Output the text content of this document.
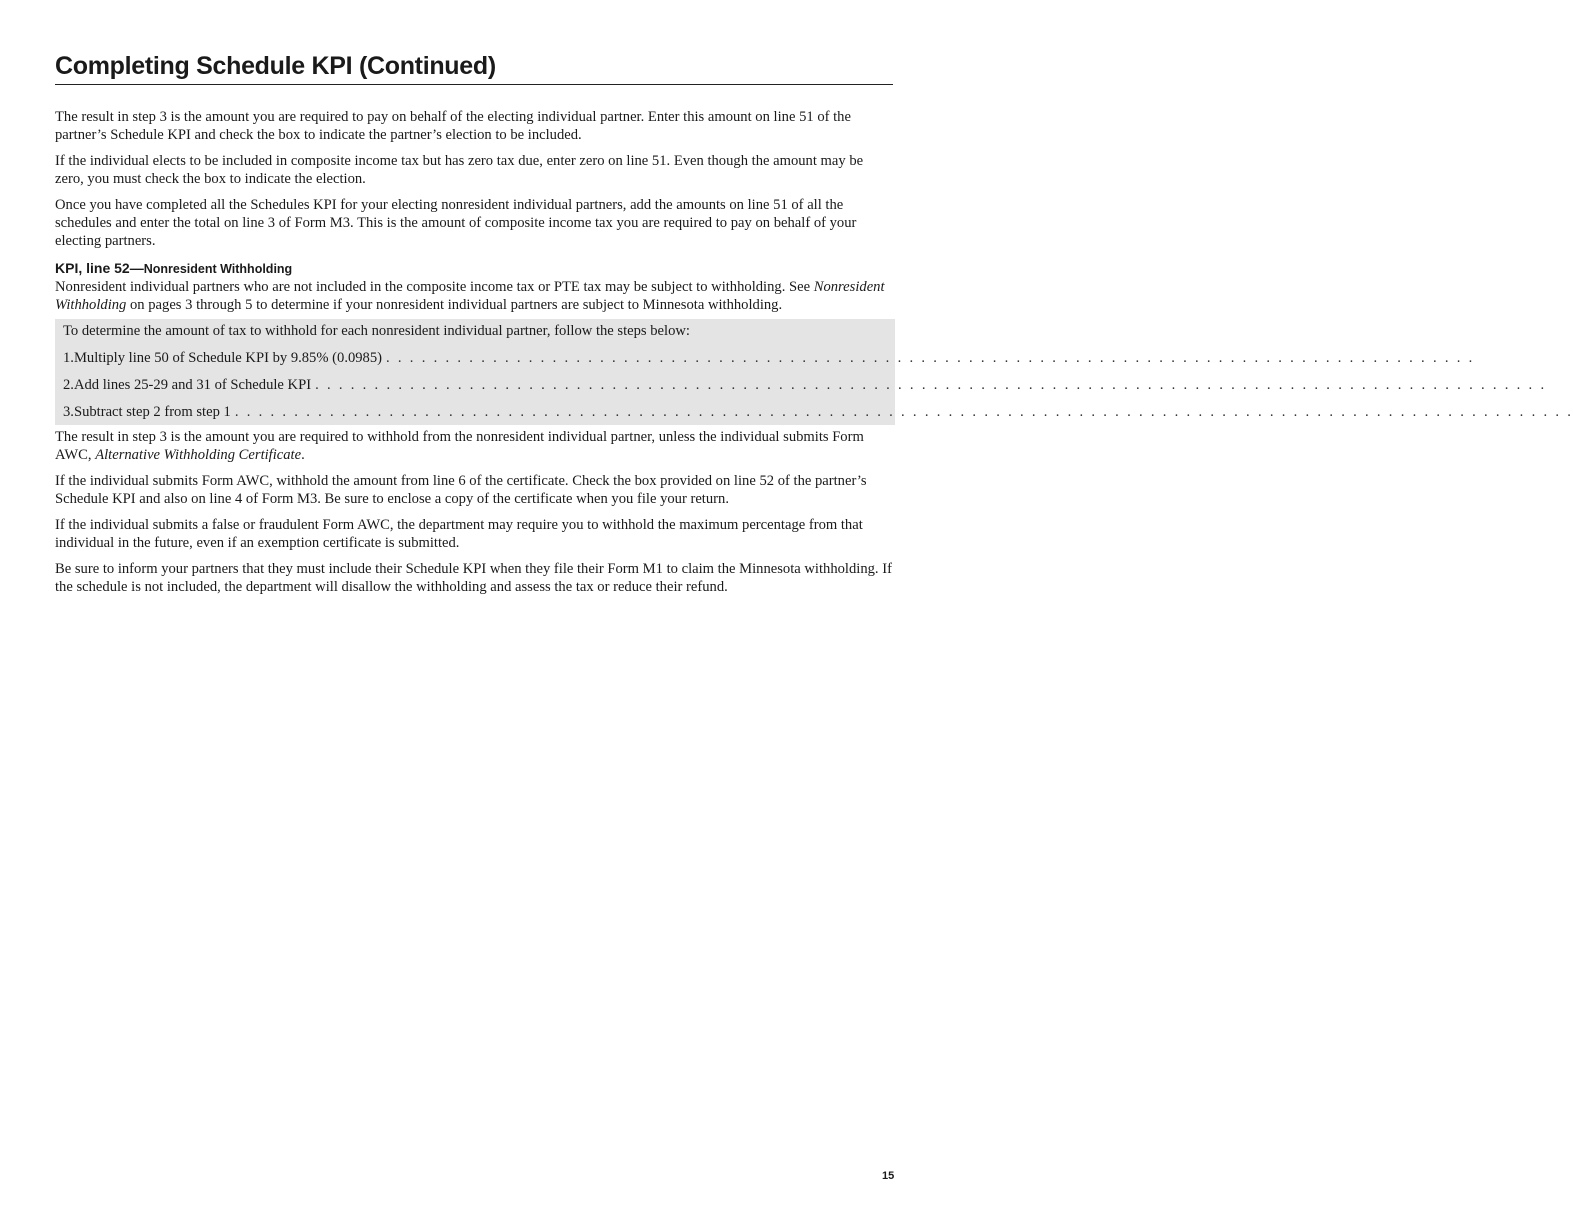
Completing Schedule KPI (Continued)

The result in step 3 is the amount you are required to pay on behalf of the electing individual partner. Enter this amount on line 51 of the partner’s Schedule KPI and check the box to indicate the partner’s election to be included.

If the individual elects to be included in composite income tax but has zero tax due, enter zero on line 51. Even though the amount may be zero, you must check the box to indicate the election.

Once you have completed all the Schedules KPI for your electing nonresident individual partners, add the amounts on line 51 of all the schedules and enter the total on line 3 of Form M3. This is the amount of composite income tax you are required to pay on behalf of your electing partners.

KPI, line 52—Nonresident Withholding

Nonresident individual partners who are not included in the composite income tax or PTE tax may be subject to withholding. See Nonresident Withholding on pages 3 through 5 to determine if your nonresident individual partners are subject to Minnesota withholding.

To determine the amount of tax to withhold for each nonresident individual partner, follow the steps below:
1. Multiply line 50 of Schedule KPI by 9.85% (0.0985) . . . . . . . . . . . . . . . . . . . . . . . . . . . . . . . . . . . . . . . . . . . . . . . . . . . . . . . . . . . . . . . . . . . . . . . . . . . . . . . . . . . . . . . . . . . .
2. Add lines 25-29 and 31 of Schedule KPI . . . . . . . . . . . . . . . . . . . . . . . . . . . . . . . . . . . . . . . . . . . . . . . . . . . . . . . . . . . . . . . . . . . . . . . . . . . . . . . . . . . . . . . . . . . . . . . . . . . . . . . .
3. Subtract step 2 from step 1 . . . . . . . . . . . . . . . . . . . . . . . . . . . . . . . . . . . . . . . . . . . . . . . . . . . . . . . . . . . . . . . . . . . . . . . . . . . . . . . . . . . . . . . . . . . . . . . . . . . . . . . . . . . . . . . . .

The result in step 3 is the amount you are required to withhold from the nonresident individual partner, unless the individual submits Form AWC, Alternative Withholding Certificate.

If the individual submits Form AWC, withhold the amount from line 6 of the certificate. Check the box provided on line 52 of the partner’s Schedule KPI and also on line 4 of Form M3. Be sure to enclose a copy of the certificate when you file your return.

If the individual submits a false or fraudulent Form AWC, the department may require you to withhold the maximum percentage from that individual in the future, even if an exemption certificate is submitted.

Be sure to inform your partners that they must include their Schedule KPI when they file their Form M1 to claim the Minnesota withholding. If the schedule is not included, the department will disallow the withholding and assess the tax or reduce their refund.

15
